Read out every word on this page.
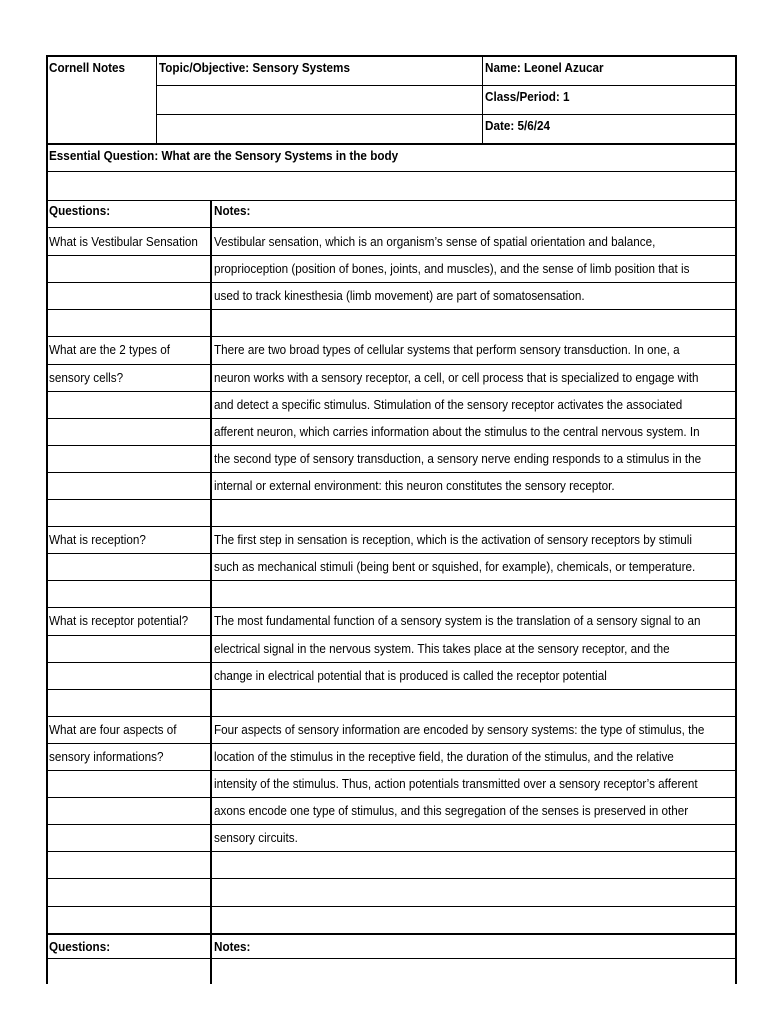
Cornell Notes	Topic/Objective: Sensory Systems	Name: Leonel Azucar
Class/Period: 1
Date: 5/6/24
Essential Question: What are the Sensory Systems in the body
Questions:	Notes:
What is Vestibular Sensation	Vestibular sensation, which is an organism’s sense of spatial orientation and balance,
proprioception (position of bones, joints, and muscles), and the sense of limb position that is
used to track kinesthesia (limb movement) are part of somatosensation.
What are the 2 types of	There are two broad types of cellular systems that perform sensory transduction. In one, a
sensory cells?	neuron works with a sensory receptor, a cell, or cell process that is specialized to engage with
and detect a specific stimulus. Stimulation of the sensory receptor activates the associated
afferent neuron, which carries information about the stimulus to the central nervous system. In
the second type of sensory transduction, a sensory nerve ending responds to a stimulus in the
internal or external environment: this neuron constitutes the sensory receptor.
What is reception?	The first step in sensation is reception, which is the activation of sensory receptors by stimuli
such as mechanical stimuli (being bent or squished, for example), chemicals, or temperature.
What is receptor potential?	The most fundamental function of a sensory system is the translation of a sensory signal to an
electrical signal in the nervous system. This takes place at the sensory receptor, and the
change in electrical potential that is produced is called the receptor potential
What are four aspects of	Four aspects of sensory information are encoded by sensory systems: the type of stimulus, the
sensory informations?	location of the stimulus in the receptive field, the duration of the stimulus, and the relative
intensity of the stimulus. Thus, action potentials transmitted over a sensory receptor’s afferent
axons encode one type of stimulus, and this segregation of the senses is preserved in other
sensory circuits.
Questions:	Notes:
